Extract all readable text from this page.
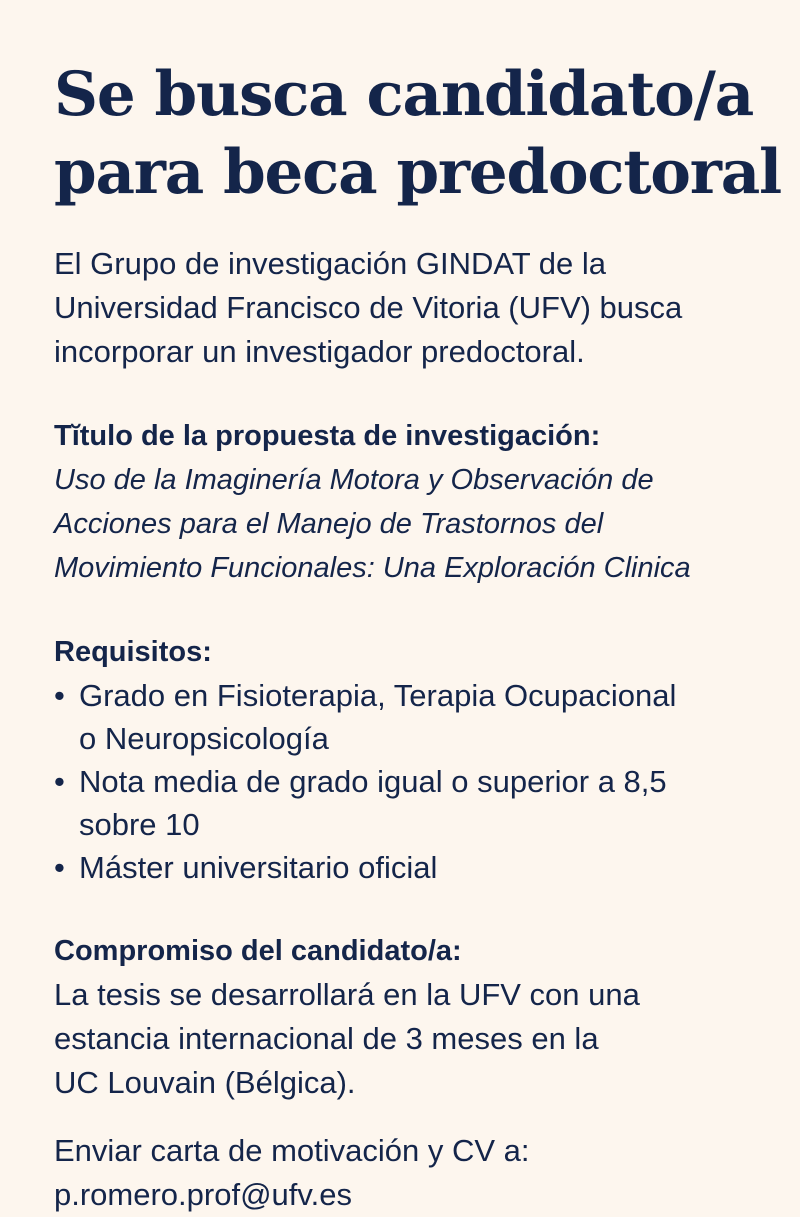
Se busca candidato/a
para beca predoctoral
El Grupo de investigación GINDAT de la
Universidad Francisco de Vitoria (UFV) busca
incorporar un investigador predoctoral.
Tĭtulo de la propuesta de investigación:
Uso de la Imaginería Motora y Observación de
Acciones para el Manejo de Trastornos del
Movimiento Funcionales: Una Exploración Clinica
Requisitos:
• Grado en Fisioterapia, Terapia Ocupacional
o Neuropsicología
• Nota media de grado igual o superior a 8,5
sobre 10
• Máster universitario oficial
Compromiso del candidato/a:
La tesis se desarrollará en la UFV con una
estancia internacional de 3 meses en la
UC Louvain (Bélgica).
Enviar carta de motivación y CV a:
p.romero.prof@ufv.es
